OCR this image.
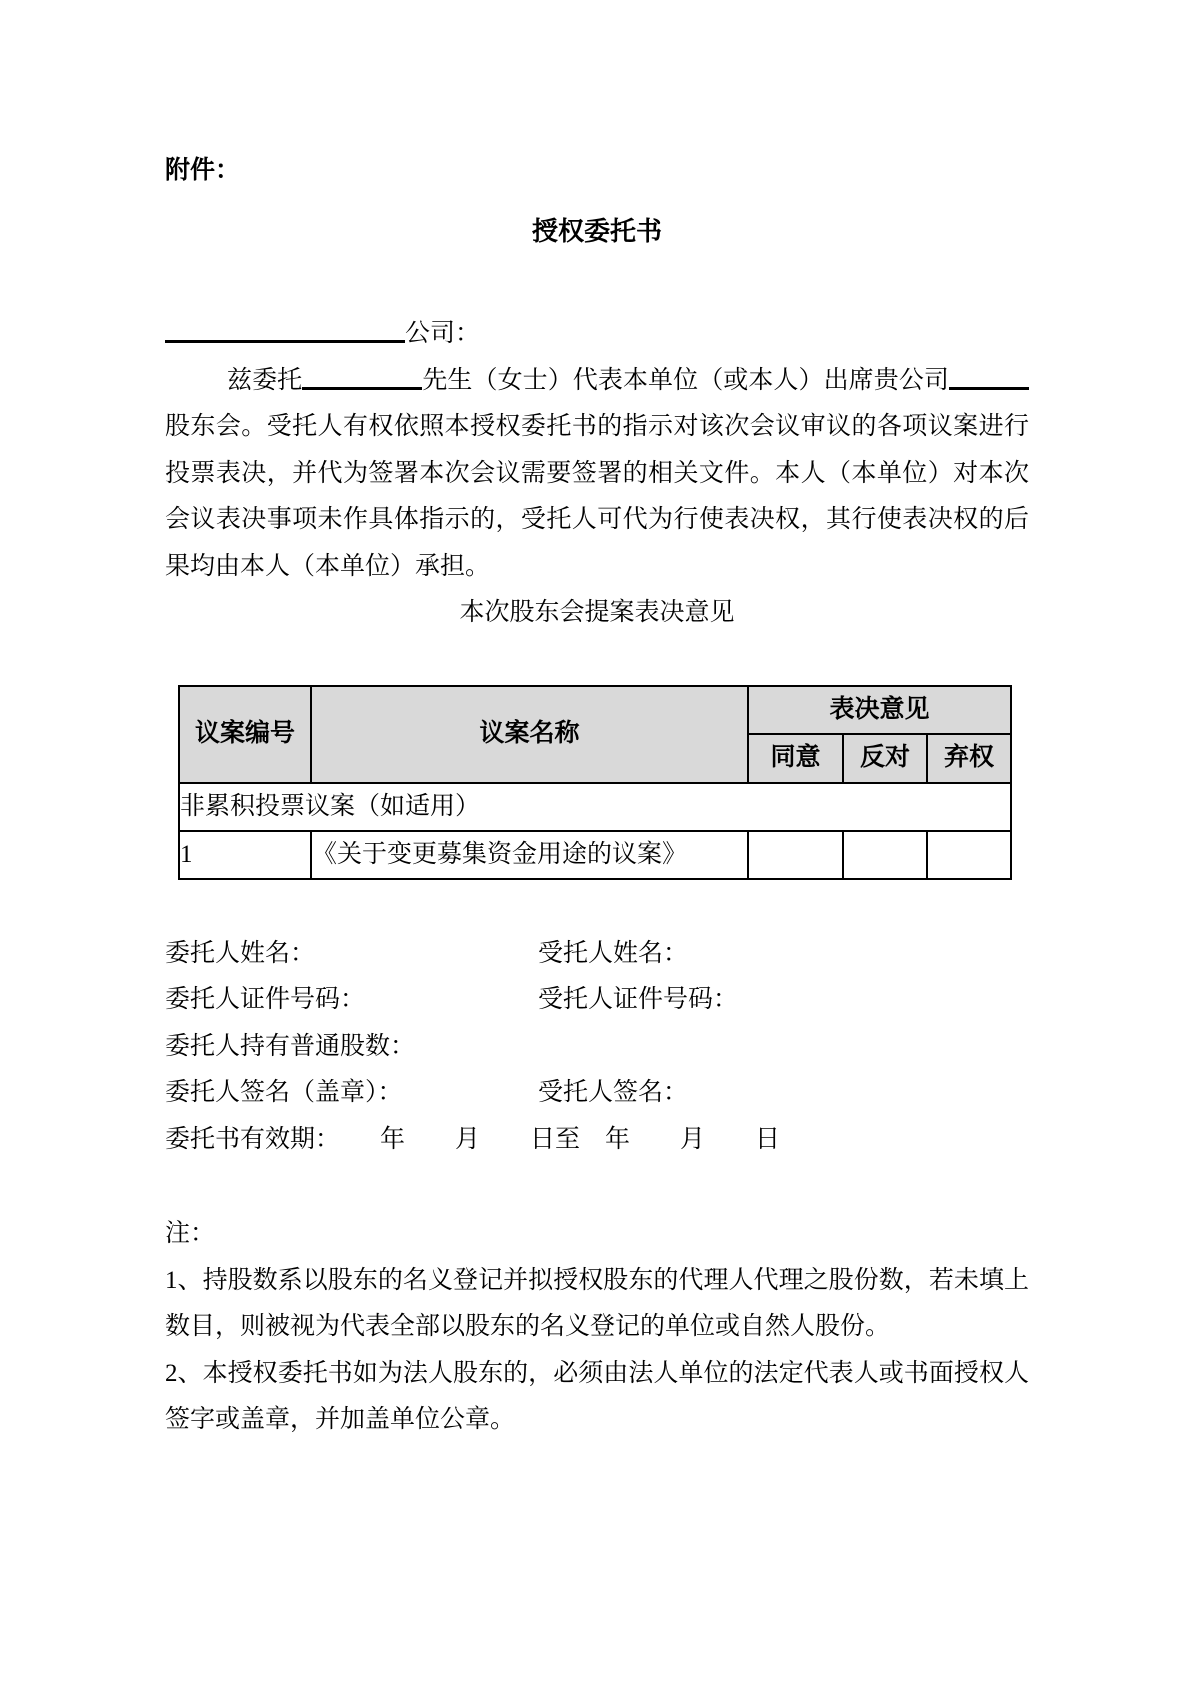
附件：
授权委托书
公司：

兹委托	先生（女士）代表本单位（或本人）出席贵公司股东会。受托人有权依照本授权委托书的指示对该次会议审议的各项议案进行投票表决，并代为签署本次会议需要签署的相关文件。本人（本单位）对本次会议表决事项未作具体指示的，受托人可代为行使表决权，其行使表决权的后果均由本人（本单位）承担。

本次股东会提案表决意见
议案编号	议案名称	表决意见		
		同意	反对	弃权
非累积投票议案（如适用）				
1	《关于变更募集资金用途的议案》			
委托人姓名：	受托人姓名：
委托人证件号码：	受托人证件号码：
委托人持有普通股数：
委托人签名（盖章）：	受托人签名：
委托书有效期： 年　　月　　日至　年　　月　　日
注：

1、持股数系以股东的名义登记并拟授权股东的代理人代理之股份数，若未填上数目，则被视为代表全部以股东的名义登记的单位或自然人股份。

2、本授权委托书如为法人股东的，必须由法人单位的法定代表人或书面授权人签字或盖章，并加盖单位公章。
